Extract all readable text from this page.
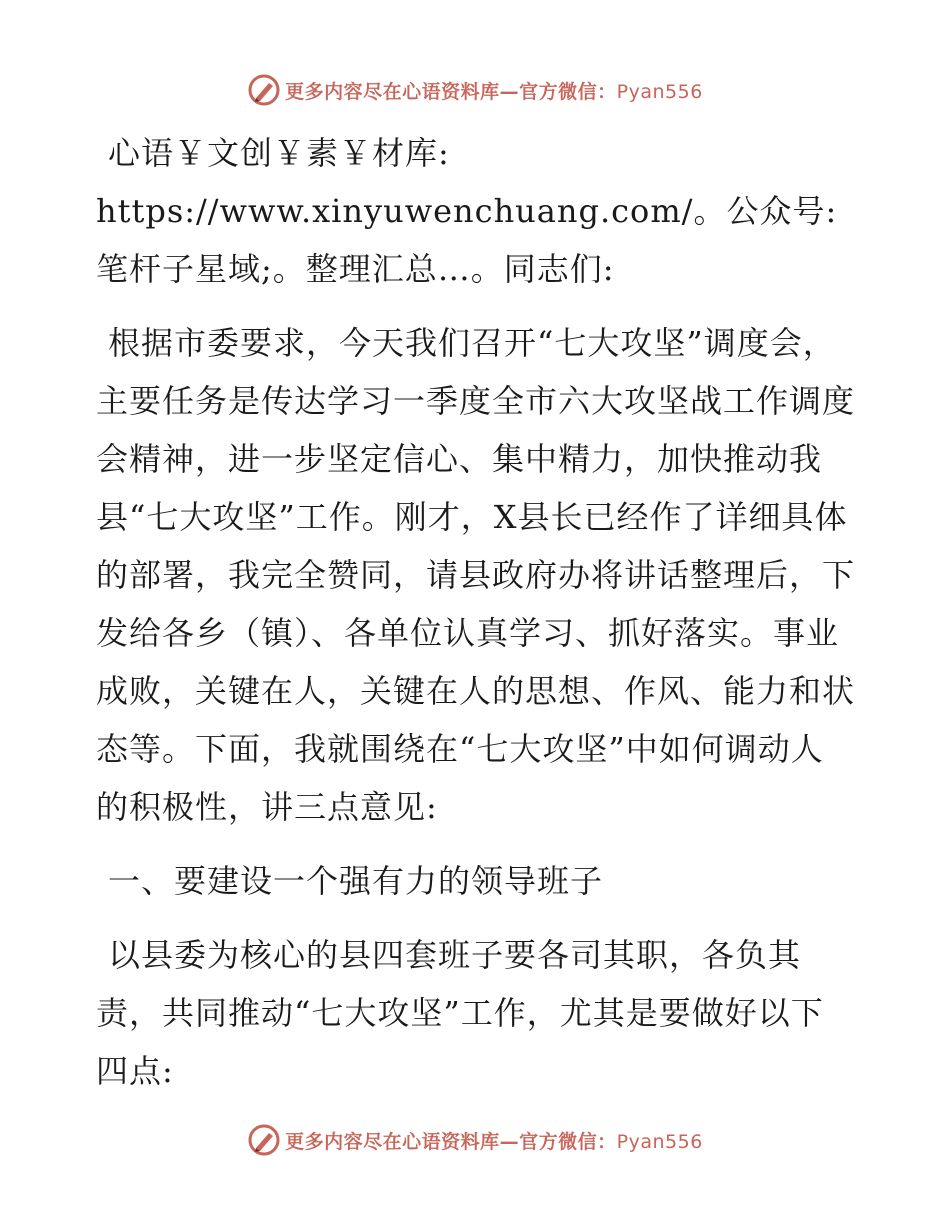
更多内容尽在心语资料库—官方微信：Pyan556

心语￥文创￥素￥材库: https://www.xinyuwenchuang.com/。公众号: 笔杆子星域;。整理汇总…。同志们:

根据市委要求，今天我们召开“七大攻坚”调度会，主要任务是传达学习一季度全市六大攻坚战工作调度会精神，进一步坚定信心、集中精力，加快推动我县“七大攻坚”工作。刚才，X县长已经作了详细具体的部署，我完全赞同，请县政府办将讲话整理后，下发给各乡（镇）、各单位认真学习、抓好落实。事业成败，关键在人，关键在人的思想、作风、能力和状态等。下面，我就围绕在“七大攻坚”中如何调动人的积极性，讲三点意见:

一、要建设一个强有力的领导班子

以县委为核心的县四套班子要各司其职，各负其责，共同推动“七大攻坚”工作，尤其是要做好以下四点:

更多内容尽在心语资料库—官方微信：Pyan556
